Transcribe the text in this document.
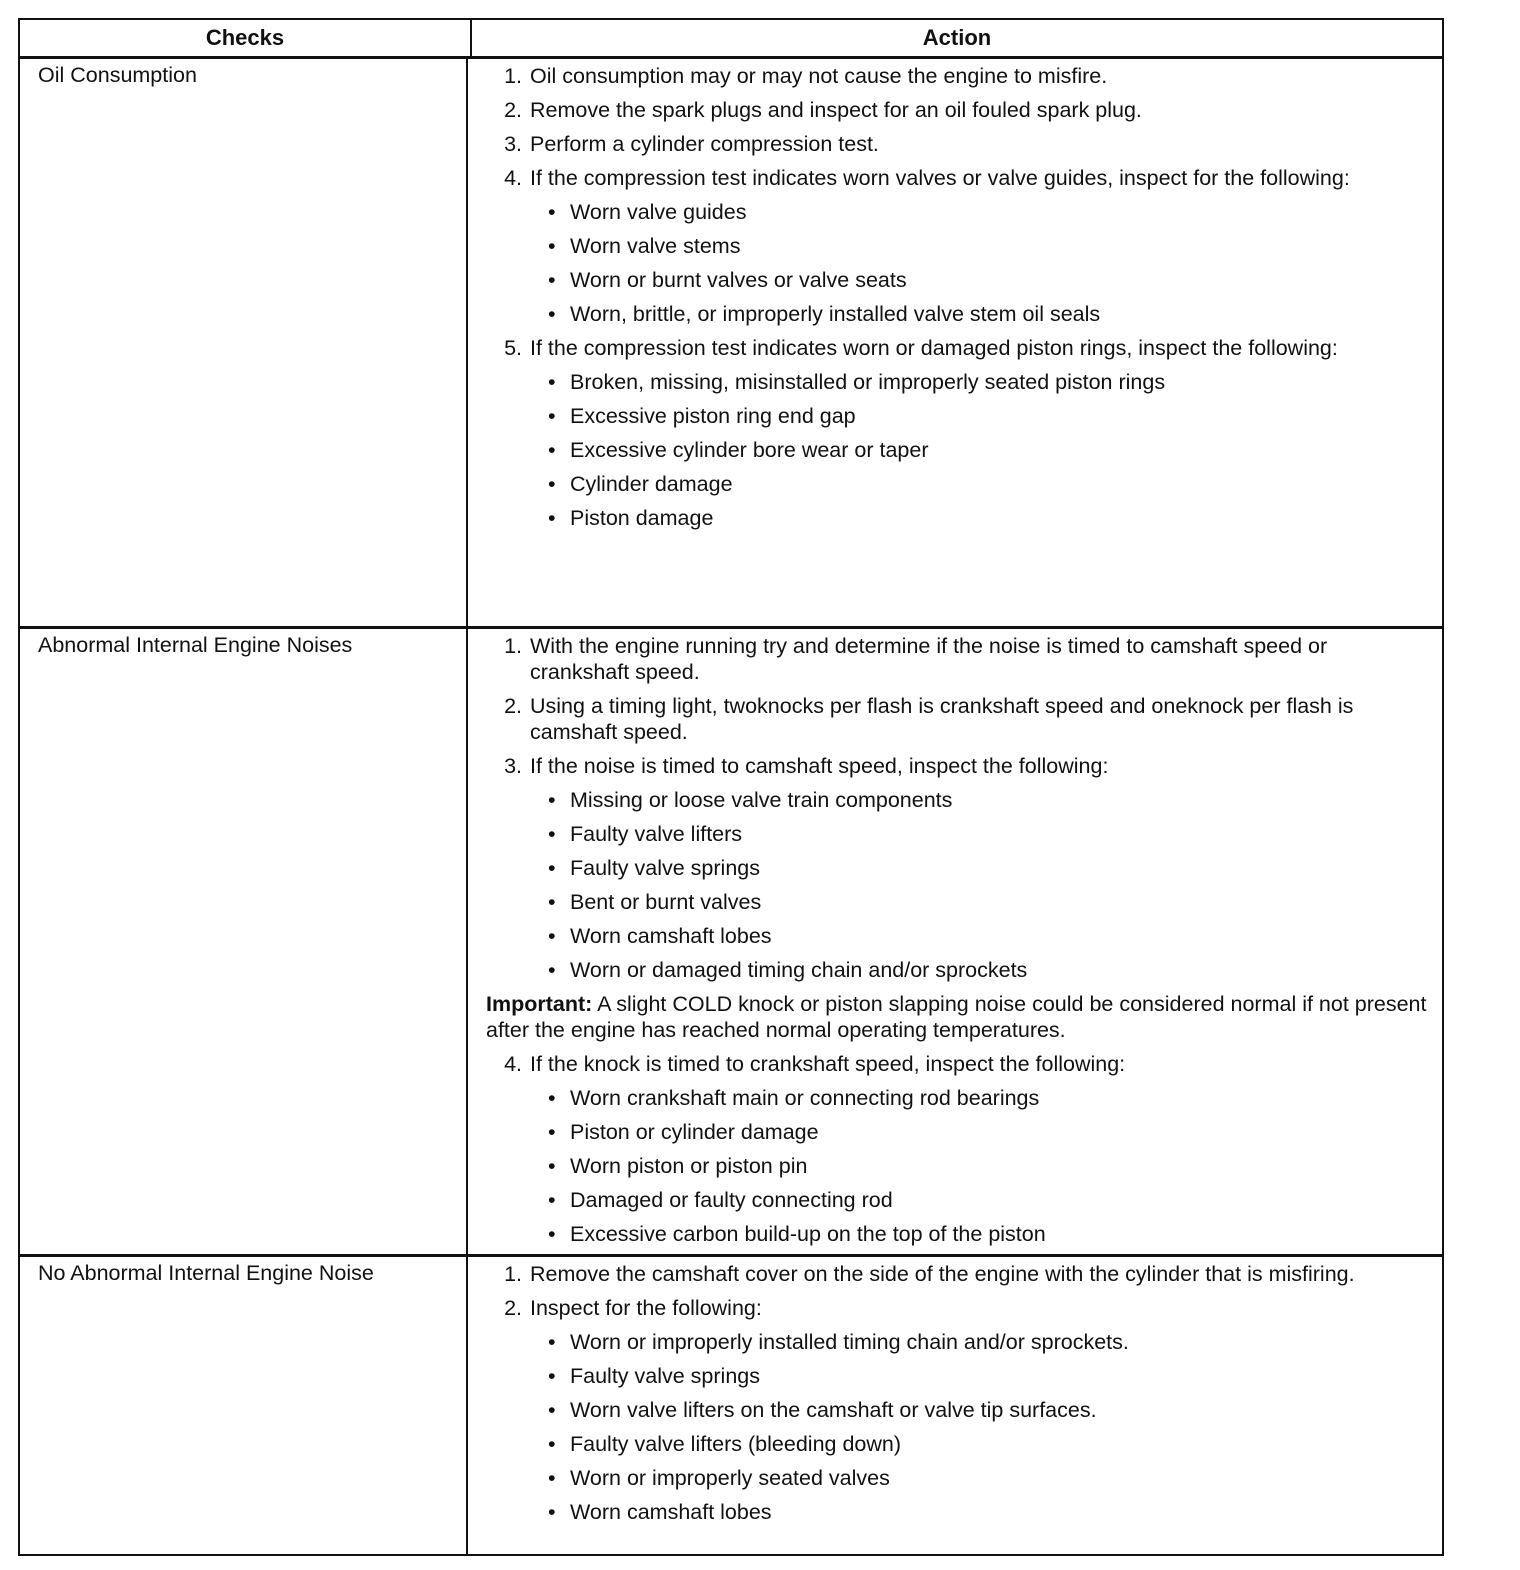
Checks	Action
Oil Consumption	1. Oil consumption may or may not cause the engine to misfire.
2. Remove the spark plugs and inspect for an oil fouled spark plug.
3. Perform a cylinder compression test.
4. If the compression test indicates worn valves or valve guides, inspect for the following:
• Worn valve guides
• Worn valve stems
• Worn or burnt valves or valve seats
• Worn, brittle, or improperly installed valve stem oil seals
5. If the compression test indicates worn or damaged piston rings, inspect the following:
• Broken, missing, misinstalled or improperly seated piston rings
• Excessive piston ring end gap
• Excessive cylinder bore wear or taper
• Cylinder damage
• Piston damage
Abnormal Internal Engine Noises	1. With the engine running try and determine if the noise is timed to camshaft speed or crankshaft speed.
2. Using a timing light, twoknocks per flash is crankshaft speed and oneknock per flash is camshaft speed.
3. If the noise is timed to camshaft speed, inspect the following:
• Missing or loose valve train components
• Faulty valve lifters
• Faulty valve springs
• Bent or burnt valves
• Worn camshaft lobes
• Worn or damaged timing chain and/or sprockets
Important: A slight COLD knock or piston slapping noise could be considered normal if not present after the engine has reached normal operating temperatures.
4. If the knock is timed to crankshaft speed, inspect the following:
• Worn crankshaft main or connecting rod bearings
• Piston or cylinder damage
• Worn piston or piston pin
• Damaged or faulty connecting rod
• Excessive carbon build-up on the top of the piston
No Abnormal Internal Engine Noise	1. Remove the camshaft cover on the side of the engine with the cylinder that is misfiring.
2. Inspect for the following:
• Worn or improperly installed timing chain and/or sprockets.
• Faulty valve springs
• Worn valve lifters on the camshaft or valve tip surfaces.
• Faulty valve lifters (bleeding down)
• Worn or improperly seated valves
• Worn camshaft lobes
